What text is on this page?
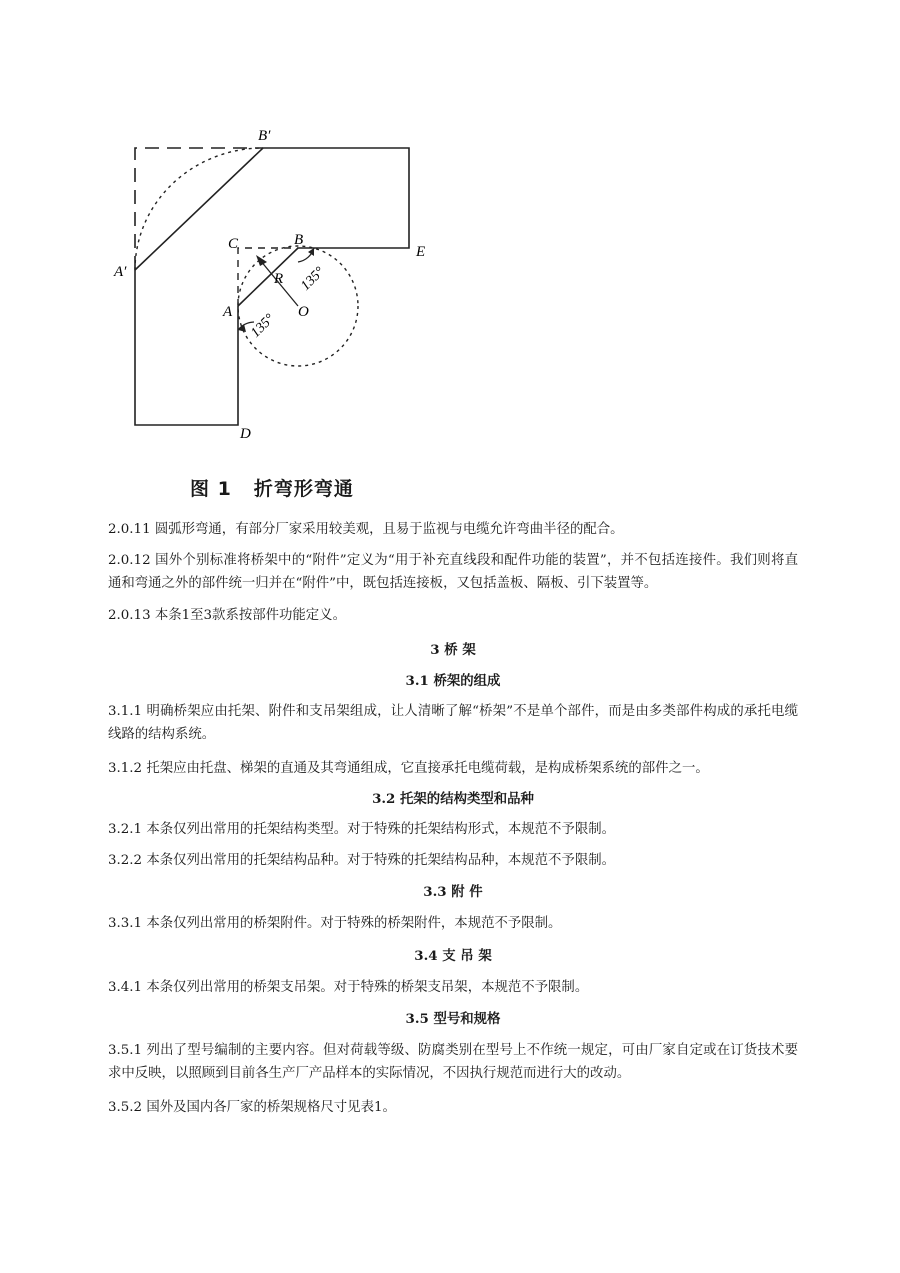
B′
A′
C	B
E
R
A	O
D
135°
135°
图 1 折弯形弯通

2.0.11 圆弧形弯通，有部分厂家采用较美观，且易于监视与电缆允许弯曲半径的配合。

2.0.12 国外个别标准将桥架中的“附件”定义为“用于补充直线段和配件功能的装置”，并不包括连接件。我们则将直通和弯通之外的部件统一归并在“附件”中，既包括连接板，又包括盖板、隔板、引下装置等。

2.0.13 本条1至3款系按部件功能定义。

3 桥 架
3.1 桥架的组成

3.1.1 明确桥架应由托架、附件和支吊架组成，让人清晰了解“桥架”不是单个部件，而是由多类部件构成的承托电缆线路的结构系统。

3.1.2 托架应由托盘、梯架的直通及其弯通组成，它直接承托电缆荷载，是构成桥架系统的部件之一。

3.2 托架的结构类型和品种

3.2.1 本条仅列出常用的托架结构类型。对于特殊的托架结构形式，本规范不予限制。

3.2.2 本条仅列出常用的托架结构品种。对于特殊的托架结构品种，本规范不予限制。

3.3 附 件

3.3.1 本条仅列出常用的桥架附件。对于特殊的桥架附件，本规范不予限制。

3.4 支 吊 架

3.4.1 本条仅列出常用的桥架支吊架。对于特殊的桥架支吊架，本规范不予限制。

3.5 型号和规格

3.5.1 列出了型号编制的主要内容。但对荷载等级、防腐类别在型号上不作统一规定，可由厂家自定或在订货技术要求中反映，以照顾到目前各生产厂产品样本的实际情况，不因执行规范而进行大的改动。

3.5.2 国外及国内各厂家的桥架规格尺寸见表1。
